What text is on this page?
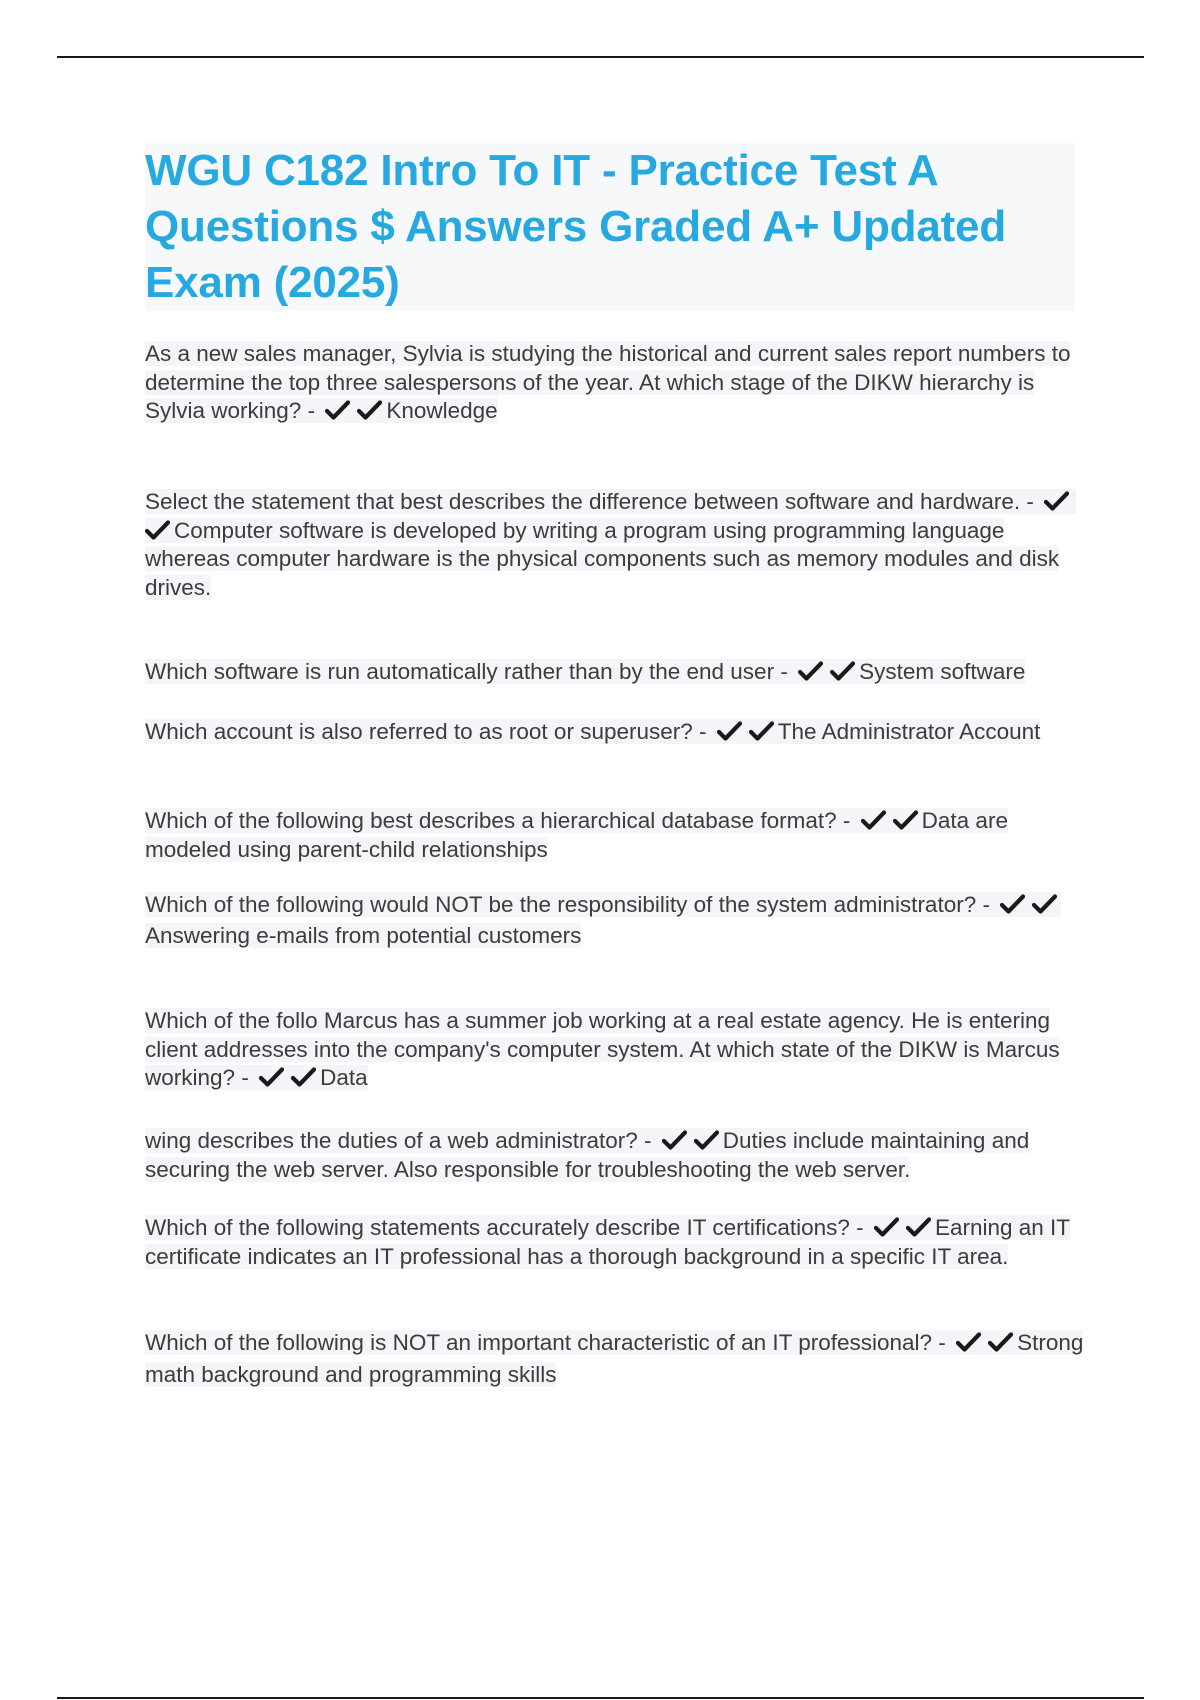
WGU C182 Intro To IT - Practice Test A Questions $ Answers Graded A+ Updated Exam (2025)

As a new sales manager, Sylvia is studying the historical and current sales report numbers to determine the top three salespersons of the year. At which stage of the DIKW hierarchy is Sylvia working? -	Knowledge

Select the statement that best describes the difference between software and hardware. -
Computer software is developed by writing a program using programming language whereas computer hardware is the physical components such as memory modules and disk drives.

Which software is run automatically rather than by the end user -	System software

Which account is also referred to as root or superuser? -	The Administrator Account

Which of the following best describes a hierarchical database format? -	Data are modeled using parent-child relationships

Which of the following would NOT be the responsibility of the system administrator? -
Answering e-mails from potential customers

Which of the follo Marcus has a summer job working at a real estate agency. He is entering client addresses into the company's computer system. At which state of the DIKW is Marcus working? -	Data

wing describes the duties of a web administrator? -	Duties include maintaining and securing the web server. Also responsible for troubleshooting the web server.

Which of the following statements accurately describe IT certifications? -	Earning an IT certificate indicates an IT professional has a thorough background in a specific IT area.

Which of the following is NOT an important characteristic of an IT professional? -	Strong math background and programming skills
